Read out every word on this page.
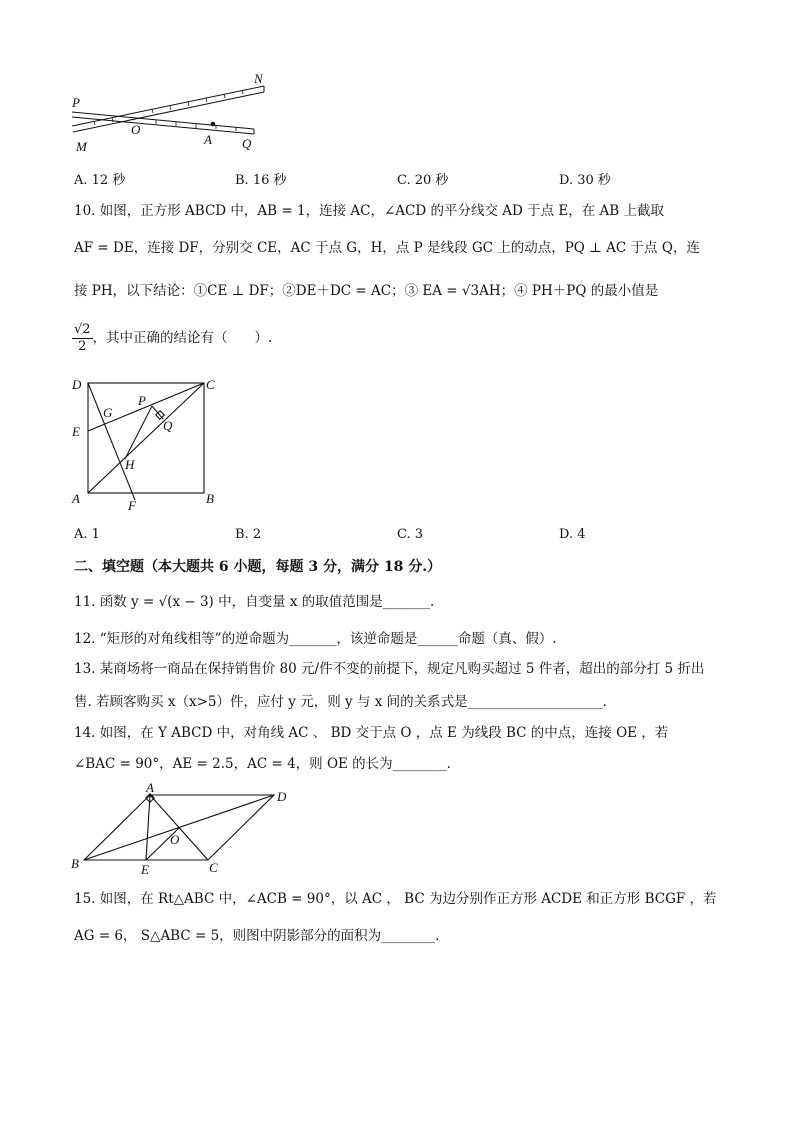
P
N
M
O
A Q
A. 12 秒	B. 16 秒	C. 20 秒	D. 30 秒
10. 如图，正方形 ABCD 中，AB = 1，连接 AC，∠ACD 的平分线交 AD 于点 E，在 AB 上截取
AF = DE，连接 DF，分别交 CE，AC 于点 G，H，点 P 是线段 GC 上的动点，PQ ⊥ AC 于点 Q，连
接 PH，以下结论：①CE ⊥ DF；②DE＋DC = AC；③ EA = √3AH；④ PH＋PQ 的最小值是
$\frac{√2}{2}$ ，其中正确的结论有（　　）.
D	C
G
P
E	Q
H
A	F	B
A. 1	B. 2	C. 3	D. 4
二、填空题（本大题共 6 小题，每题 3 分，满分 18 分.）
11. 函数 y = √(x − 3) 中，自变量 x 的取值范围是_______.
12. “矩形的对角线相等”的逆命题为_______，该逆命题是______命题（真、假）.
13. 某商场将一商品在保持销售价 80 元/件不变的前提下，规定凡购买超过 5 件者，超出的部分打 5 折出
售. 若顾客购买 x（x>5）件，应付 y 元，则 y 与 x 间的关系式是____________________.
14. 如图，在 Y ABCD 中，对角线 AC 、 BD 交于点 O ，点 E 为线段 BC 的中点，连接 OE ，若
∠BAC = 90°，AE = 2.5，AC = 4，则 OE 的长为________.
A
D
O
B	E	C
15. 如图，在 Rt△ABC 中，∠ACB = 90°，以 AC ， BC 为边分别作正方形 ACDE 和正方形 BCGF ，若
AG = 6， S△ABC = 5，则图中阴影部分的面积为________.
